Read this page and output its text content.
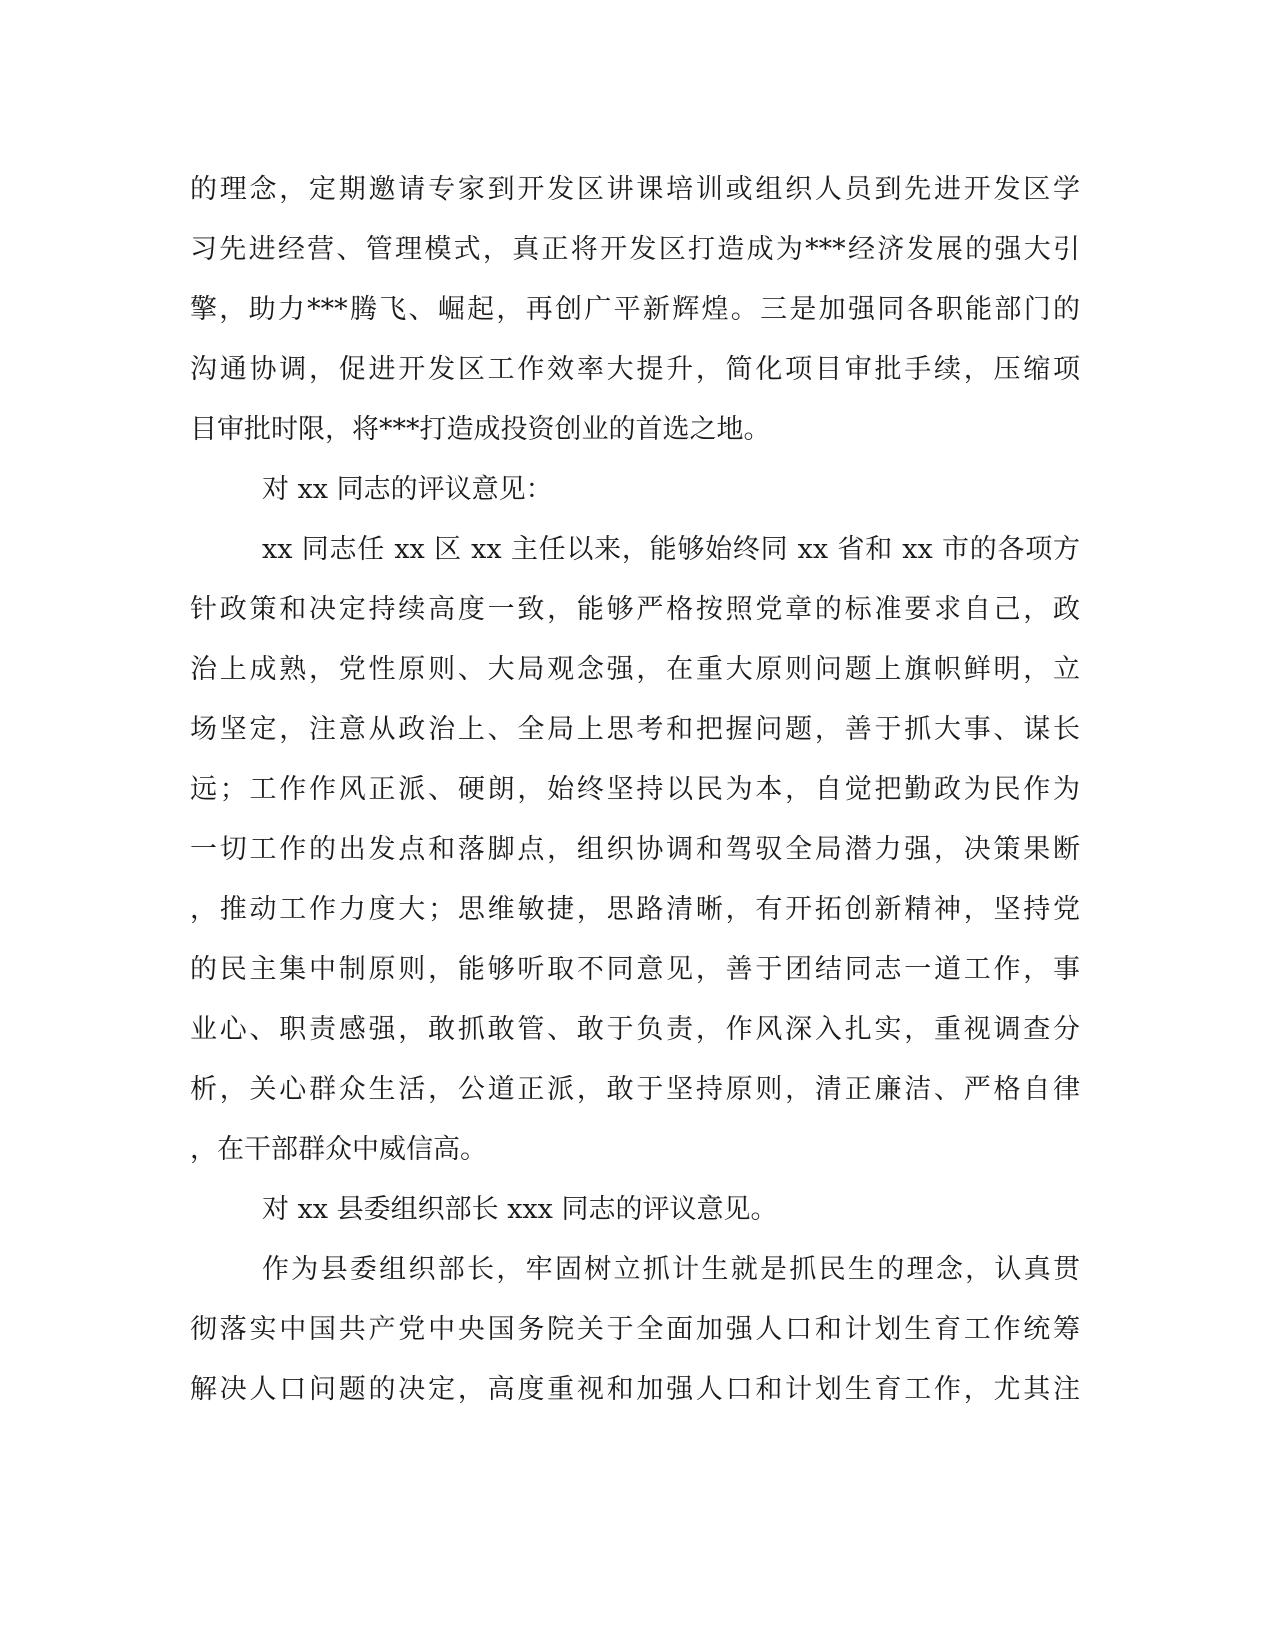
的理念，定期邀请专家到开发区讲课培训或组织人员到先进开发区学
习先进经营、管理模式，真正将开发区打造成为***经济发展的强大引
擎，助力***腾飞、崛起，再创广平新辉煌。三是加强同各职能部门的
沟通协调，促进开发区工作效率大提升，简化项目审批手续，压缩项
目审批时限，将***打造成投资创业的首选之地。
对 xx 同志的评议意见：
xx 同志任 xx 区 xx 主任以来，能够始终同 xx 省和 xx 市的各项方
针政策和决定持续高度一致，能够严格按照党章的标准要求自己，政
治上成熟，党性原则、大局观念强，在重大原则问题上旗帜鲜明，立
场坚定，注意从政治上、全局上思考和把握问题，善于抓大事、谋长
远；工作作风正派、硬朗，始终坚持以民为本，自觉把勤政为民作为
一切工作的出发点和落脚点，组织协调和驾驭全局潜力强，决策果断
，推动工作力度大；思维敏捷，思路清晰，有开拓创新精神，坚持党
的民主集中制原则，能够听取不同意见，善于团结同志一道工作，事
业心、职责感强，敢抓敢管、敢于负责，作风深入扎实，重视调查分
析，关心群众生活，公道正派，敢于坚持原则，清正廉洁、严格自律
，在干部群众中威信高。
对 xx 县委组织部长 xxx 同志的评议意见。
作为县委组织部长，牢固树立抓计生就是抓民生的理念，认真贯
彻落实中国共产党中央国务院关于全面加强人口和计划生育工作统筹
解决人口问题的决定，高度重视和加强人口和计划生育工作，尤其注
